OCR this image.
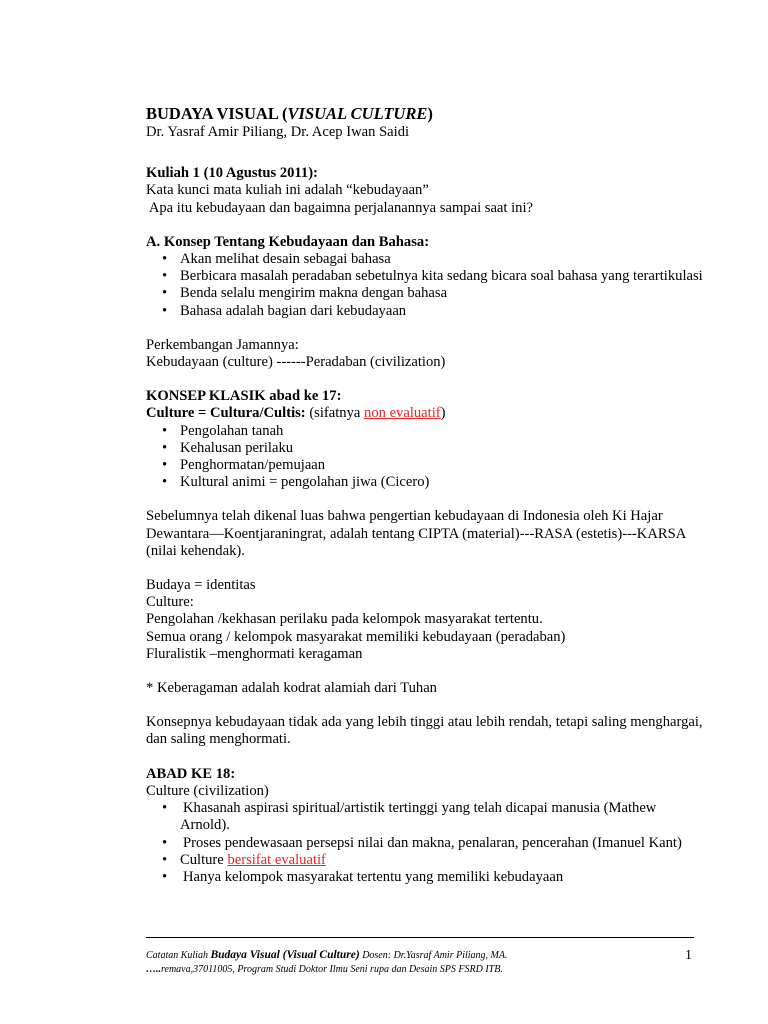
BUDAYA VISUAL (VISUAL CULTURE)

Dr. Yasraf Amir Piliang, Dr. Acep Iwan Saidi

Kuliah 1 (10 Agustus 2011):

Kata kunci mata kuliah ini adalah “kebudayaan”

Apa itu kebudayaan dan bagaimna perjalanannya sampai saat ini?

A. Konsep Tentang Kebudayaan dan Bahasa:

• Akan melihat desain sebagai bahasa
• Berbicara masalah peradaban sebetulnya kita sedang bicara soal bahasa yang terartikulasi
• Benda selalu mengirim makna dengan bahasa
• Bahasa adalah bagian dari kebudayaan

Perkembangan Jamannya:

Kebudayaan (culture) ------Peradaban (civilization)

KONSEP KLASIK abad ke 17:

Culture = Cultura/Cultis: (sifatnya non evaluatif)

• Pengolahan tanah
• Kehalusan perilaku
• Penghormatan/pemujaan
• Kultural animi = pengolahan jiwa (Cicero)

Sebelumnya telah dikenal luas bahwa pengertian kebudayaan di Indonesia oleh Ki Hajar Dewantara—Koentjaraningrat, adalah tentang CIPTA (material)---RASA (estetis)---KARSA (nilai kehendak).

Budaya = identitas

Culture:

Pengolahan /kekhasan perilaku pada kelompok masyarakat tertentu.

Semua orang / kelompok masyarakat memiliki kebudayaan (peradaban)

Fluralistik –menghormati keragaman

* Keberagaman adalah kodrat alamiah dari Tuhan

Konsepnya kebudayaan tidak ada yang lebih tinggi atau lebih rendah, tetapi saling menghargai, dan saling menghormati.

ABAD KE 18:

Culture (civilization)

• Khasanah aspirasi spiritual/artistik tertinggi yang telah dicapai manusia (Mathew Arnold).
• Proses pendewasaan persepsi nilai dan makna, penalaran, pencerahan (Imanuel Kant)
• Culture bersifat evaluatif
• Hanya kelompok masyarakat tertentu yang memiliki kebudayaan
Catatan Kuliah Budaya Visual (Visual Culture) Dosen: Dr.Yasraf Amir Piliang, MA.
…..remava,37011005, Program Studi Doktor Ilmu Seni rupa dan Desain SPS FSRD ITB.
1
